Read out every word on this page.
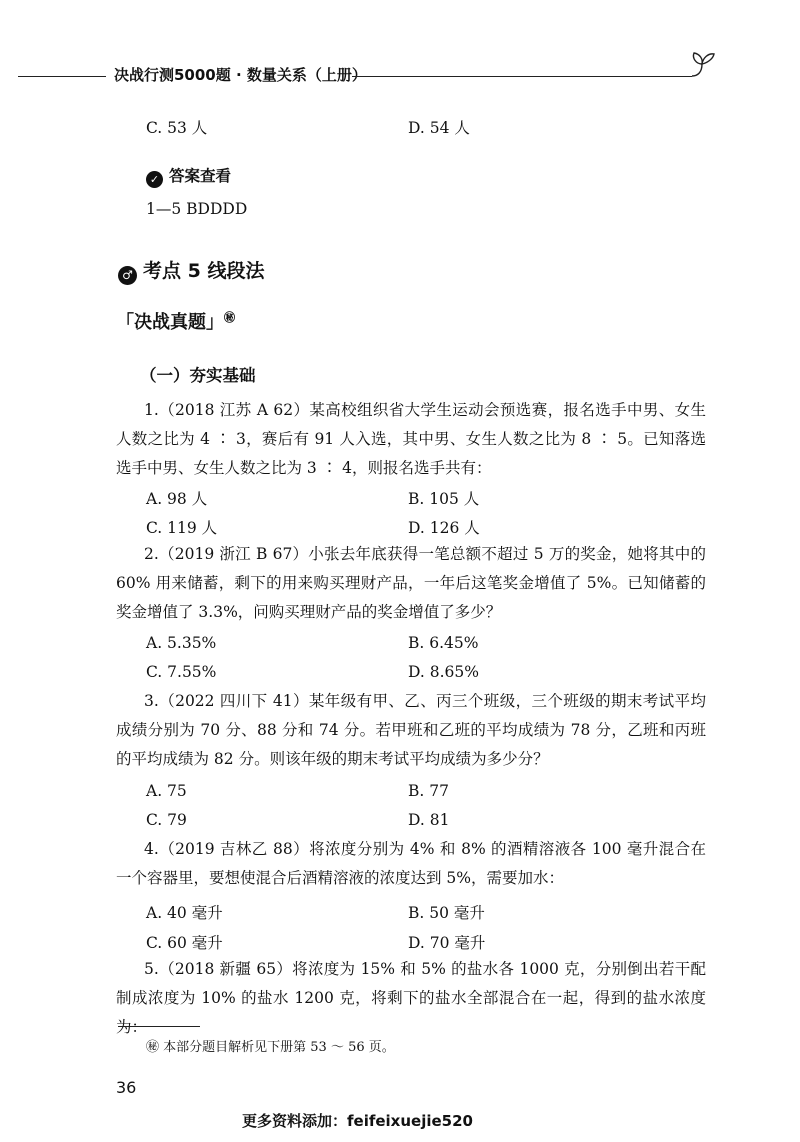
决战行测5000题 · 数量关系（上册）
C. 53 人	D. 54 人
✓ 答案查看
1—5 BDDDD
♂ 考点 5 线段法
「决战真题」㊙
（一）夯实基础
1.（2018 江苏 A 62）某高校组织省大学生运动会预选赛，报名选手中男、女生人数之比为 4 ∶ 3，赛后有 91 人入选，其中男、女生人数之比为 8 ∶ 5。已知落选选手中男、女生人数之比为 3 ∶ 4，则报名选手共有：
A. 98 人	B. 105 人
C. 119 人	D. 126 人
2.（2019 浙江 B 67）小张去年底获得一笔总额不超过 5 万的奖金，她将其中的 60% 用来储蓄，剩下的用来购买理财产品，一年后这笔奖金增值了 5%。已知储蓄的奖金增值了 3.3%，问购买理财产品的奖金增值了多少？
A. 5.35%	B. 6.45%
C. 7.55%	D. 8.65%
3.（2022 四川下 41）某年级有甲、乙、丙三个班级，三个班级的期末考试平均成绩分别为 70 分、88 分和 74 分。若甲班和乙班的平均成绩为 78 分，乙班和丙班的平均成绩为 82 分。则该年级的期末考试平均成绩为多少分？
A. 75	B. 77
C. 79	D. 81
4.（2019 吉林乙 88）将浓度分别为 4% 和 8% 的酒精溶液各 100 毫升混合在一个容器里，要想使混合后酒精溶液的浓度达到 5%，需要加水：
A. 40 毫升	B. 50 毫升
C. 60 毫升	D. 70 毫升
5.（2018 新疆 65）将浓度为 15% 和 5% 的盐水各 1000 克，分别倒出若干配制成浓度为 10% 的盐水 1200 克，将剩下的盐水全部混合在一起，得到的盐水浓度为：
㊙ 本部分题目解析见下册第 53 ～ 56 页。
36
更多资料添加：feifeixuejie520
